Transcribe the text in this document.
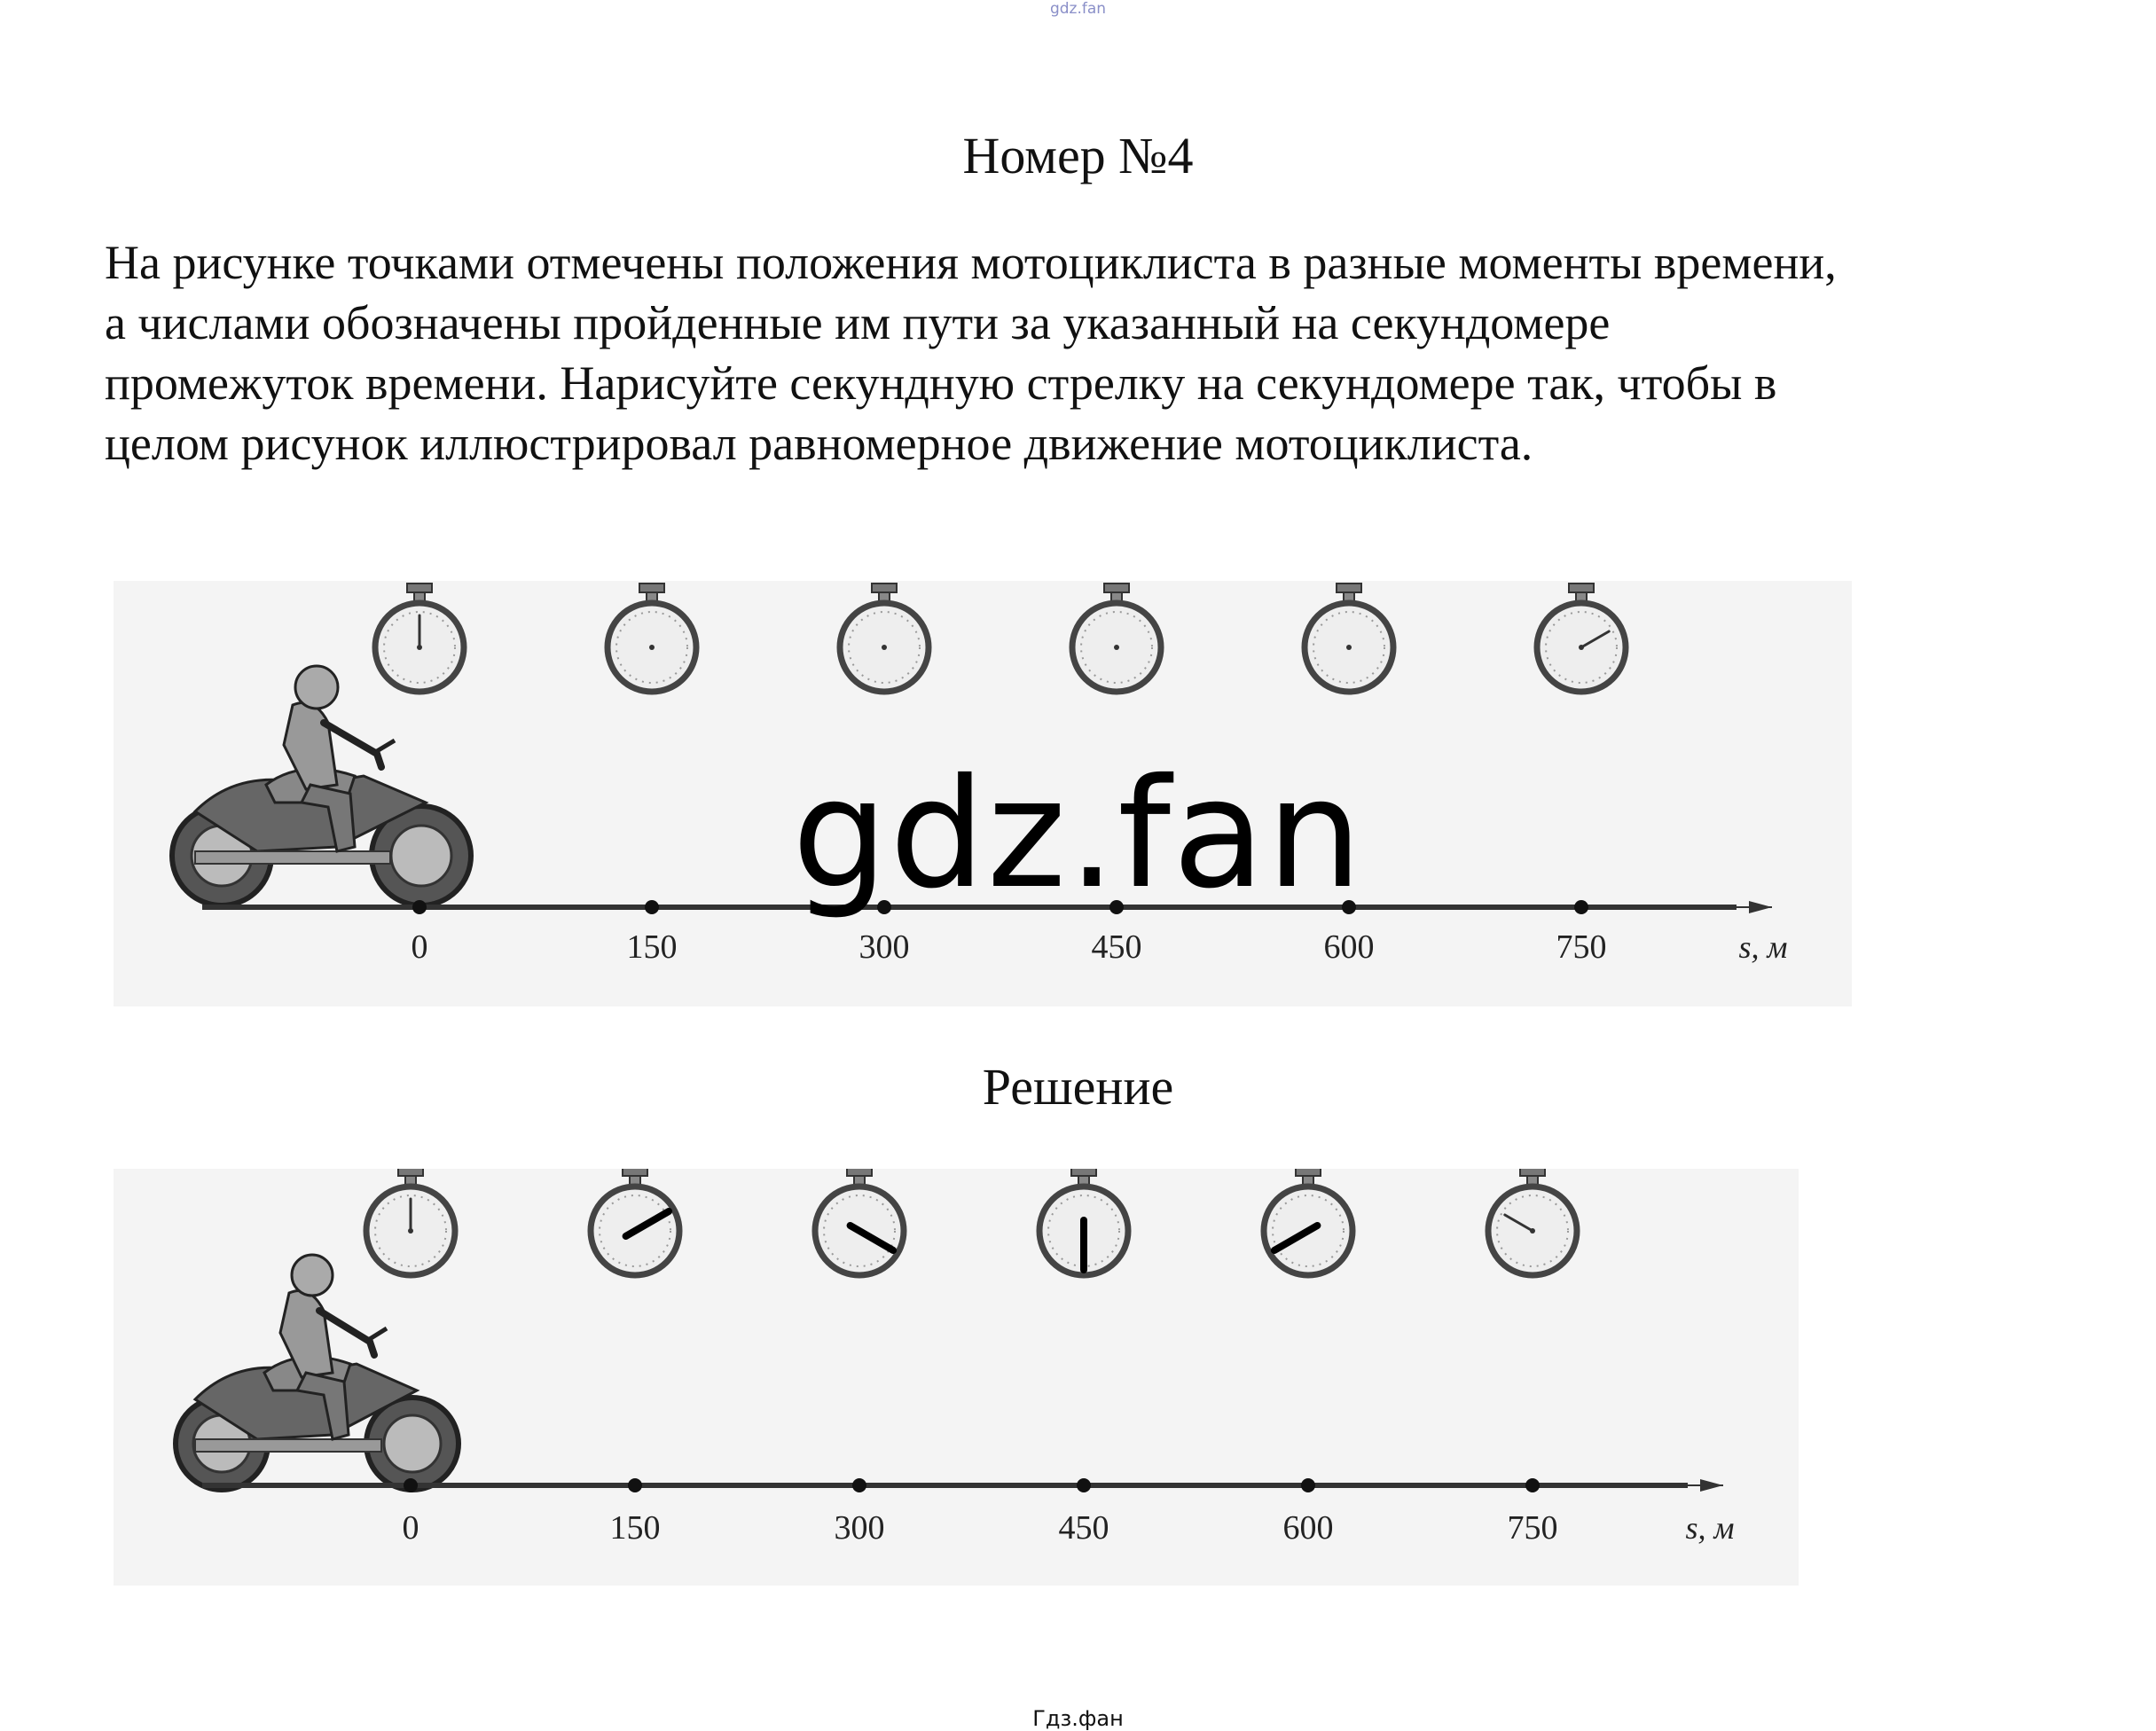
gdz.fan
Номер №4

На рисунке точками отмечены положения мотоциклиста в разные моменты времени,
а числами обозначены пройденные им пути за указанный на секундомере
промежуток времени. Нарисуйте секундную стрелку на секундомере так, чтобы в
целом рисунок иллюстрировал равномерное движение мотоциклиста.

s, м
0	150	300	450	600	750
s, м
0	150	300	450	600	750
gdz.fan
Решение
Гдз.фан
